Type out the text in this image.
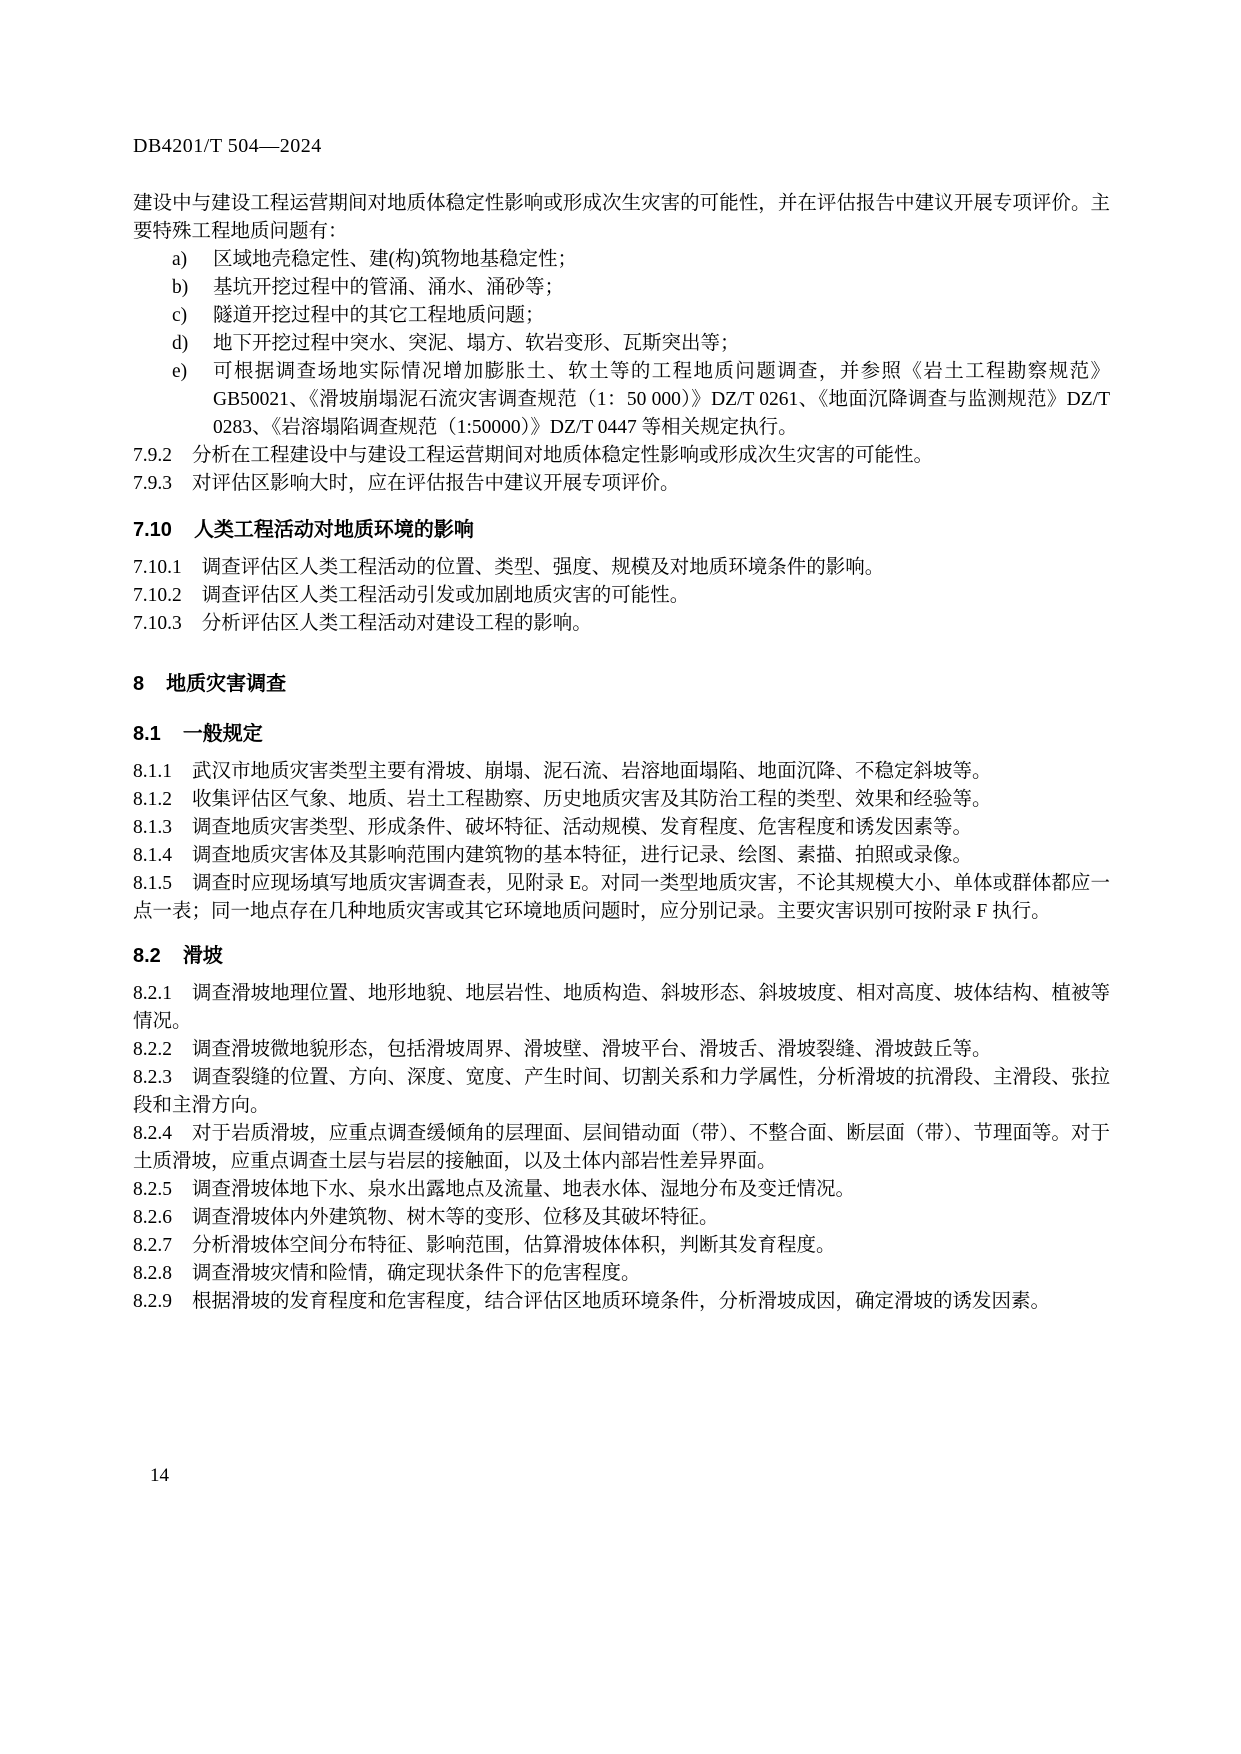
DB4201/T 504—2024

建设中与建设工程运营期间对地质体稳定性影响或形成次生灾害的可能性，并在评估报告中建议开展专项评价。主要特殊工程地质问题有：

a) 区域地壳稳定性、建(构)筑物地基稳定性；

b) 基坑开挖过程中的管涌、涌水、涌砂等；

c) 隧道开挖过程中的其它工程地质问题；

d) 地下开挖过程中突水、突泥、塌方、软岩变形、瓦斯突出等；

e) 可根据调查场地实际情况增加膨胀土、软土等的工程地质问题调查，并参照《岩土工程勘察规范》GB50021、《滑坡崩塌泥石流灾害调查规范（1：50 000）》DZ/T 0261、《地面沉降调查与监测规范》DZ/T 0283、《岩溶塌陷调查规范（1:50000）》DZ/T 0447 等相关规定执行。

7.9.2 分析在工程建设中与建设工程运营期间对地质体稳定性影响或形成次生灾害的可能性。

7.9.3 对评估区影响大时，应在评估报告中建议开展专项评价。

7.10 人类工程活动对地质环境的影响

7.10.1 调查评估区人类工程活动的位置、类型、强度、规模及对地质环境条件的影响。

7.10.2 调查评估区人类工程活动引发或加剧地质灾害的可能性。

7.10.3 分析评估区人类工程活动对建设工程的影响。

8 地质灾害调查
8.1 一般规定

8.1.1 武汉市地质灾害类型主要有滑坡、崩塌、泥石流、岩溶地面塌陷、地面沉降、不稳定斜坡等。

8.1.2 收集评估区气象、地质、岩土工程勘察、历史地质灾害及其防治工程的类型、效果和经验等。

8.1.3 调查地质灾害类型、形成条件、破坏特征、活动规模、发育程度、危害程度和诱发因素等。

8.1.4 调查地质灾害体及其影响范围内建筑物的基本特征，进行记录、绘图、素描、拍照或录像。

8.1.5 调查时应现场填写地质灾害调查表，见附录 E。对同一类型地质灾害，不论其规模大小、单体或群体都应一点一表；同一地点存在几种地质灾害或其它环境地质问题时，应分别记录。主要灾害识别可按附录 F 执行。

8.2 滑坡

8.2.1 调查滑坡地理位置、地形地貌、地层岩性、地质构造、斜坡形态、斜坡坡度、相对高度、坡体结构、植被等情况。

8.2.2 调查滑坡微地貌形态，包括滑坡周界、滑坡壁、滑坡平台、滑坡舌、滑坡裂缝、滑坡鼓丘等。

8.2.3 调查裂缝的位置、方向、深度、宽度、产生时间、切割关系和力学属性，分析滑坡的抗滑段、主滑段、张拉段和主滑方向。

8.2.4 对于岩质滑坡，应重点调查缓倾角的层理面、层间错动面（带）、不整合面、断层面（带）、节理面等。对于土质滑坡，应重点调查土层与岩层的接触面，以及土体内部岩性差异界面。

8.2.5 调查滑坡体地下水、泉水出露地点及流量、地表水体、湿地分布及变迁情况。

8.2.6 调查滑坡体内外建筑物、树木等的变形、位移及其破坏特征。

8.2.7 分析滑坡体空间分布特征、影响范围，估算滑坡体体积，判断其发育程度。

8.2.8 调查滑坡灾情和险情，确定现状条件下的危害程度。

8.2.9 根据滑坡的发育程度和危害程度，结合评估区地质环境条件，分析滑坡成因，确定滑坡的诱发因素。

14
